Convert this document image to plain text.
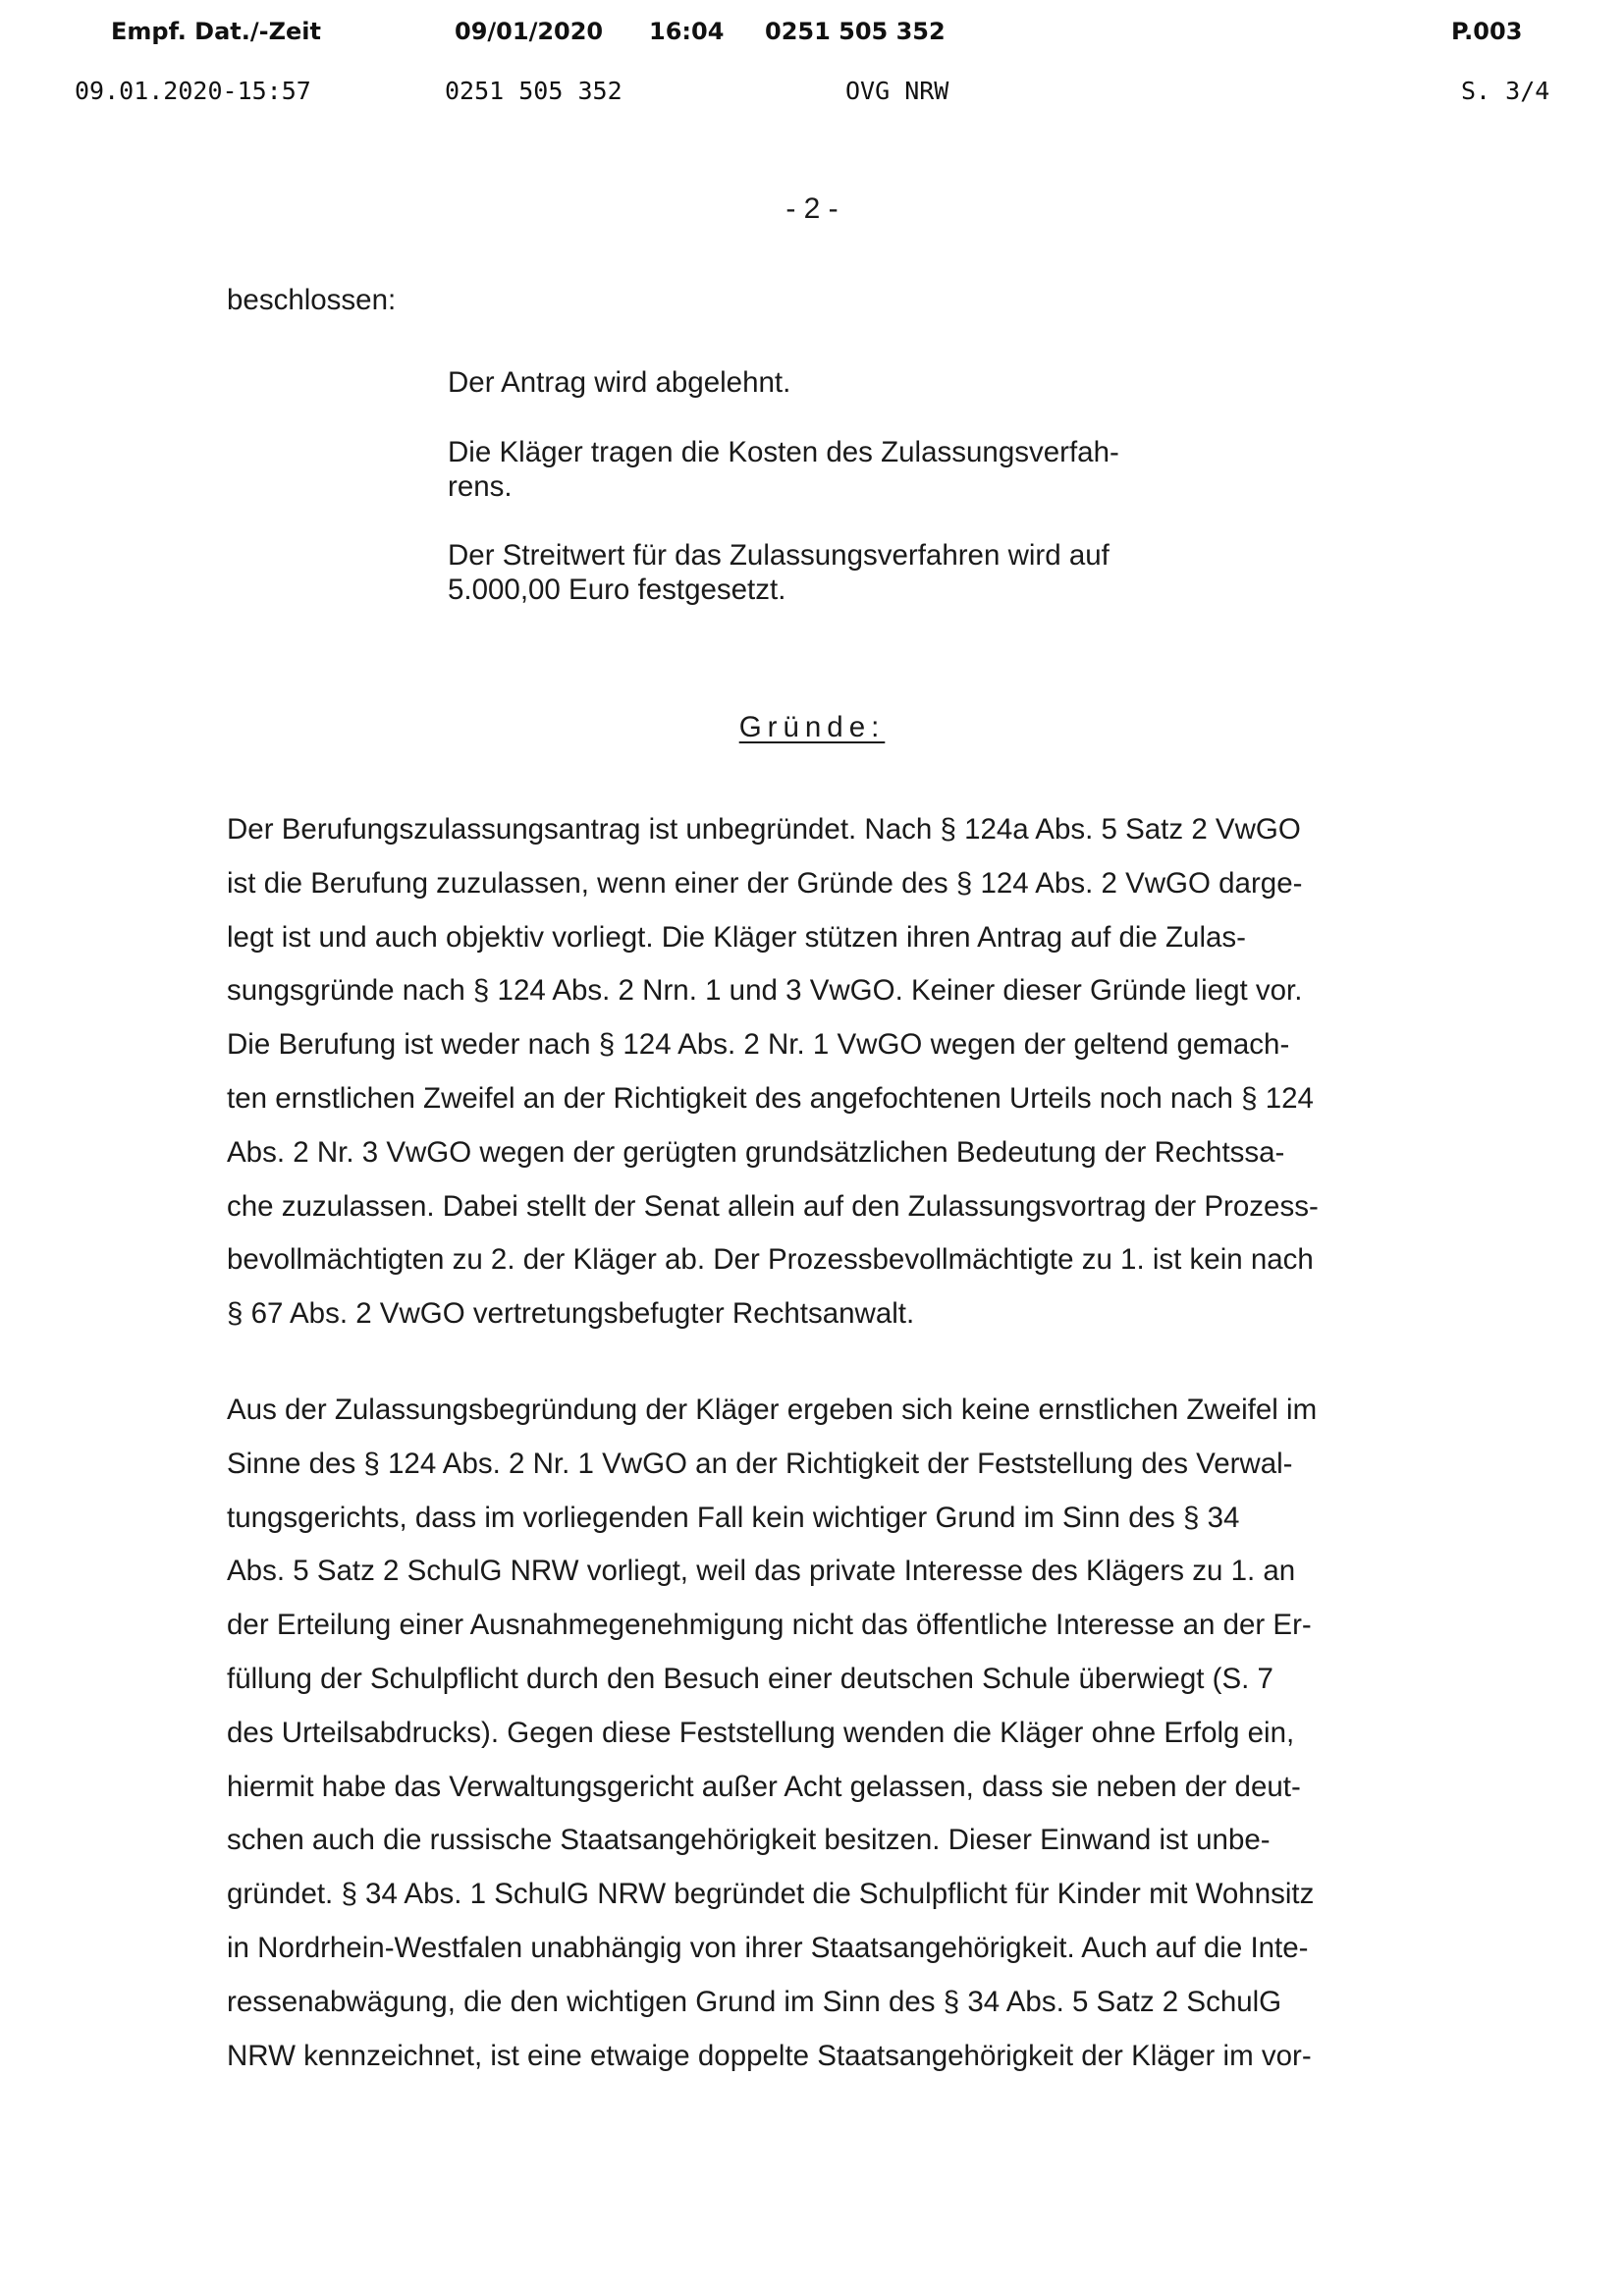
Empf. Dat./-Zeit	09/01/2020 16:04 0251 505 352	P.003
09.01.2020-15:57	0251 505 352	OVG NRW	S. 3/4
- 2 -
beschlossen:
Der Antrag wird abgelehnt.
Die Kläger tragen die Kosten des Zulassungsverfah-
rens.
Der Streitwert für das Zulassungsverfahren wird auf
5.000,00 Euro festgesetzt.
Gründe:
Der Berufungszulassungsantrag ist unbegründet. Nach § 124a Abs. 5 Satz 2 VwGO
ist die Berufung zuzulassen, wenn einer der Gründe des § 124 Abs. 2 VwGO darge-
legt ist und auch objektiv vorliegt. Die Kläger stützen ihren Antrag auf die Zulas-
sungsgründe nach § 124 Abs. 2 Nrn. 1 und 3 VwGO. Keiner dieser Gründe liegt vor.
Die Berufung ist weder nach § 124 Abs. 2 Nr. 1 VwGO wegen der geltend gemach-
ten ernstlichen Zweifel an der Richtigkeit des angefochtenen Urteils noch nach § 124
Abs. 2 Nr. 3 VwGO wegen der gerügten grundsätzlichen Bedeutung der Rechtssa-
che zuzulassen. Dabei stellt der Senat allein auf den Zulassungsvortrag der Prozess-
bevollmächtigten zu 2. der Kläger ab. Der Prozessbevollmächtigte zu 1. ist kein nach
§ 67 Abs. 2 VwGO vertretungsbefugter Rechtsanwalt.
Aus der Zulassungsbegründung der Kläger ergeben sich keine ernstlichen Zweifel im
Sinne des § 124 Abs. 2 Nr. 1 VwGO an der Richtigkeit der Feststellung des Verwal-
tungsgerichts, dass im vorliegenden Fall kein wichtiger Grund im Sinn des § 34
Abs. 5 Satz 2 SchulG NRW vorliegt, weil das private Interesse des Klägers zu 1. an
der Erteilung einer Ausnahmegenehmigung nicht das öffentliche Interesse an der Er-
füllung der Schulpflicht durch den Besuch einer deutschen Schule überwiegt (S. 7
des Urteilsabdrucks). Gegen diese Feststellung wenden die Kläger ohne Erfolg ein,
hiermit habe das Verwaltungsgericht außer Acht gelassen, dass sie neben der deut-
schen auch die russische Staatsangehörigkeit besitzen. Dieser Einwand ist unbe-
gründet. § 34 Abs. 1 SchulG NRW begründet die Schulpflicht für Kinder mit Wohnsitz
in Nordrhein-Westfalen unabhängig von ihrer Staatsangehörigkeit. Auch auf die Inte-
ressenabwägung, die den wichtigen Grund im Sinn des § 34 Abs. 5 Satz 2 SchulG
NRW kennzeichnet, ist eine etwaige doppelte Staatsangehörigkeit der Kläger im vor-
